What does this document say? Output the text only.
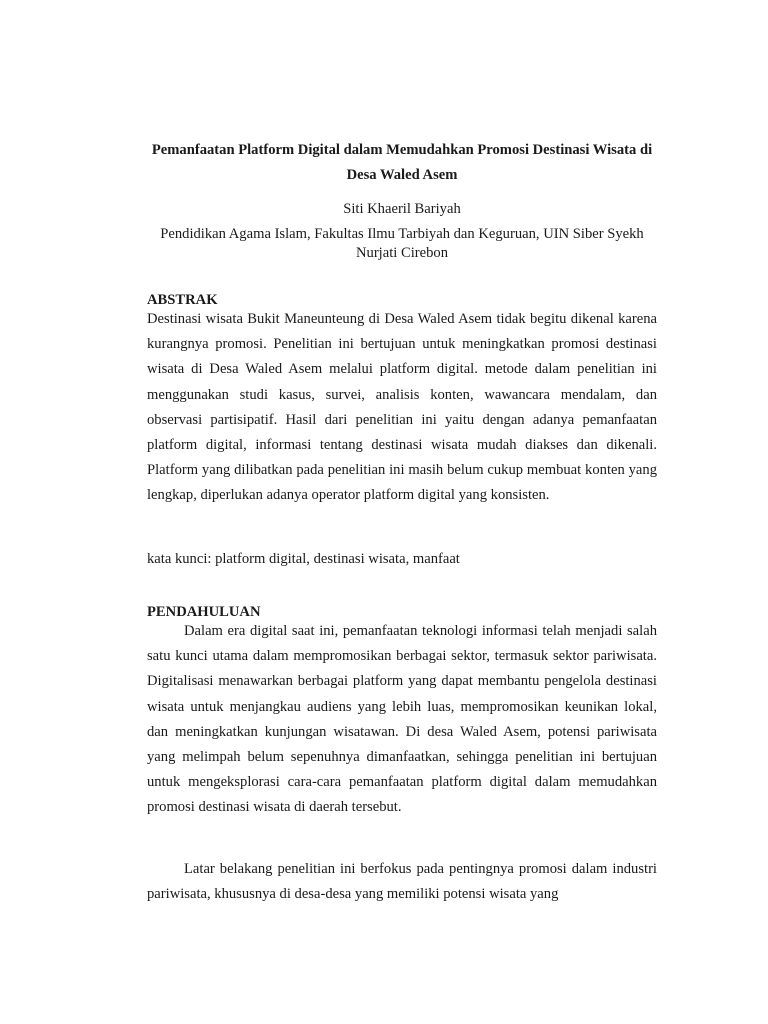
Pemanfaatan Platform Digital dalam Memudahkan Promosi Destinasi Wisata di Desa Waled Asem

Siti Khaeril Bariyah

Pendidikan Agama Islam, Fakultas Ilmu Tarbiyah dan Keguruan, UIN Siber Syekh Nurjati Cirebon

ABSTRAK

Destinasi wisata Bukit Maneunteung di Desa Waled Asem tidak begitu dikenal karena kurangnya promosi. Penelitian ini bertujuan untuk meningkatkan promosi destinasi wisata di Desa Waled Asem melalui platform digital. metode dalam penelitian ini menggunakan studi kasus, survei, analisis konten, wawancara mendalam, dan observasi partisipatif. Hasil dari penelitian ini yaitu dengan adanya pemanfaatan platform digital, informasi tentang destinasi wisata mudah diakses dan dikenali. Platform yang dilibatkan pada penelitian ini masih belum cukup membuat konten yang lengkap, diperlukan adanya operator platform digital yang konsisten.

kata kunci: platform digital, destinasi wisata, manfaat

PENDAHULUAN

Dalam era digital saat ini, pemanfaatan teknologi informasi telah menjadi salah satu kunci utama dalam mempromosikan berbagai sektor, termasuk sektor pariwisata. Digitalisasi menawarkan berbagai platform yang dapat membantu pengelola destinasi wisata untuk menjangkau audiens yang lebih luas, mempromosikan keunikan lokal, dan meningkatkan kunjungan wisatawan. Di desa Waled Asem, potensi pariwisata yang melimpah belum sepenuhnya dimanfaatkan, sehingga penelitian ini bertujuan untuk mengeksplorasi cara-cara pemanfaatan platform digital dalam memudahkan promosi destinasi wisata di daerah tersebut.

Latar belakang penelitian ini berfokus pada pentingnya promosi dalam industri pariwisata, khususnya di desa-desa yang memiliki potensi wisata yang
